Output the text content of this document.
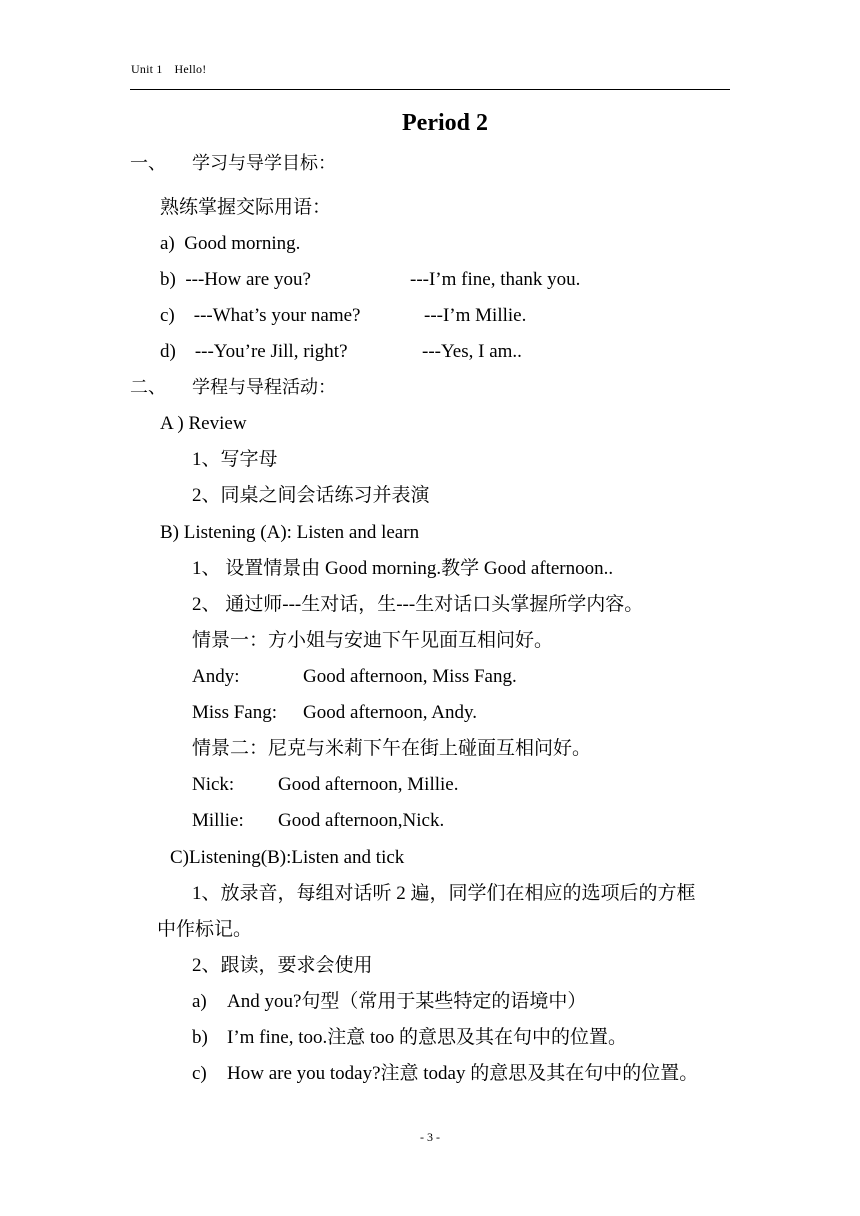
Unit 1 Hello!
Period 2
一、 学习与导学目标：
熟练掌握交际用语：
a) Good morning.
b) ---How are you?	---I’m fine, thank you.
c) ---What’s your name?	---I’m Millie.
d) ---You’re Jill, right?	---Yes, I am..
二、 学程与导程活动：
A ) Review
1、写字母
2、同桌之间会话练习并表演
B) Listening (A): Listen and learn
1、 设置情景由 Good morning.教学 Good afternoon..
2、 通过师---生对话，生---生对话口头掌握所学内容。
情景一：方小姐与安迪下午见面互相问好。
Andy:	Good afternoon, Miss Fang.
Miss Fang: Good afternoon, Andy.
情景二：尼克与米莉下午在街上碰面互相问好。
Nick: Good afternoon, Millie.
Millie: Good afternoon,Nick.
C)Listening(B):Listen and tick
1、放录音，每组对话听 2 遍，同学们在相应的选项后的方框
中作标记。
2、跟读，要求会使用
a) And you?句型（常用于某些特定的语境中）
b) I’m fine, too.注意 too 的意思及其在句中的位置。
c) How are you today?注意 today 的意思及其在句中的位置。
- 3 -
